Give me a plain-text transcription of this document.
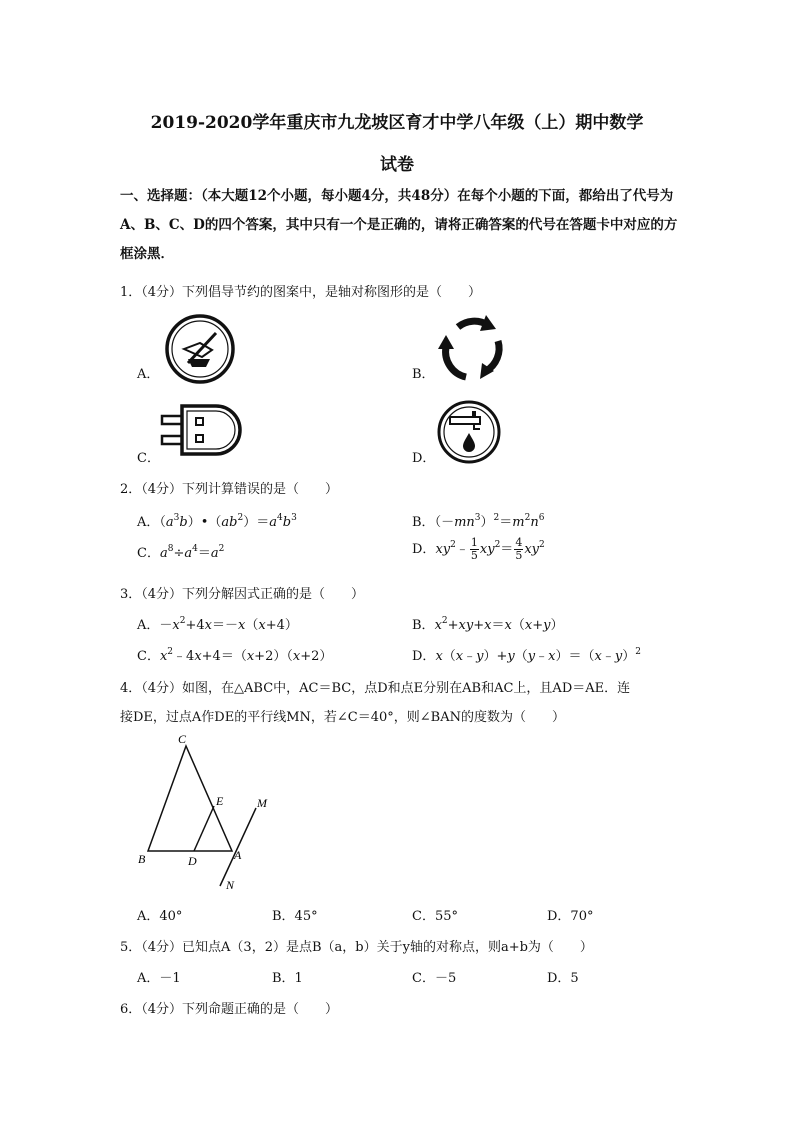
2019-2020学年重庆市九龙坡区育才中学八年级（上）期中数学
试卷
一、选择题：（本大题12个小题，每小题4分，共48分）在每个小题的下面，都给出了代号为A、B、C、D的四个答案，其中只有一个是正确的，请将正确答案的代号在答题卡中对应的方框涂黑．
1．（4分）下列倡导节约的图案中，是轴对称图形的是（　　）
A．	B．
C．	D．
2．（4分）下列计算错误的是（　　）
A．$(a^3b)•(ab^2)=a^4b^3$	B．$(-mn^3)^2=m^2n^6$
C．$a^8\div a^4=a^2$	D．$xy^2﹣ \frac{1}{5} xy^2= \frac{4}{5} xy^2$
3．（4分）下列分解因式正确的是（　　）
A．$-x^2+4x=-x(x+4)$	B．$x^2+xy+x=x(x+y)$
C．$x^2﹣4x+4=(x+2)(x+2)$	D．x（x﹣y）+y（y﹣x）＝（x﹣y）$^2$
4．（4分）如图，在△ABC中，AC＝BC，点D和点E分别在AB和AC上，且AD＝AE．连
接DE，过点A作DE的平行线MN，若∠C＝40°，则∠BAN的度数为（　　）
C
E	M
B	D	A
N
A．40°	B．45°	C．55°	D．70°
5．（4分）已知点A（3，2）是点B（a，b）关于y轴的对称点，则a+b为（　　）
A．－1	B．1	C．－5	D．5
6．（4分）下列命题正确的是（　　）
